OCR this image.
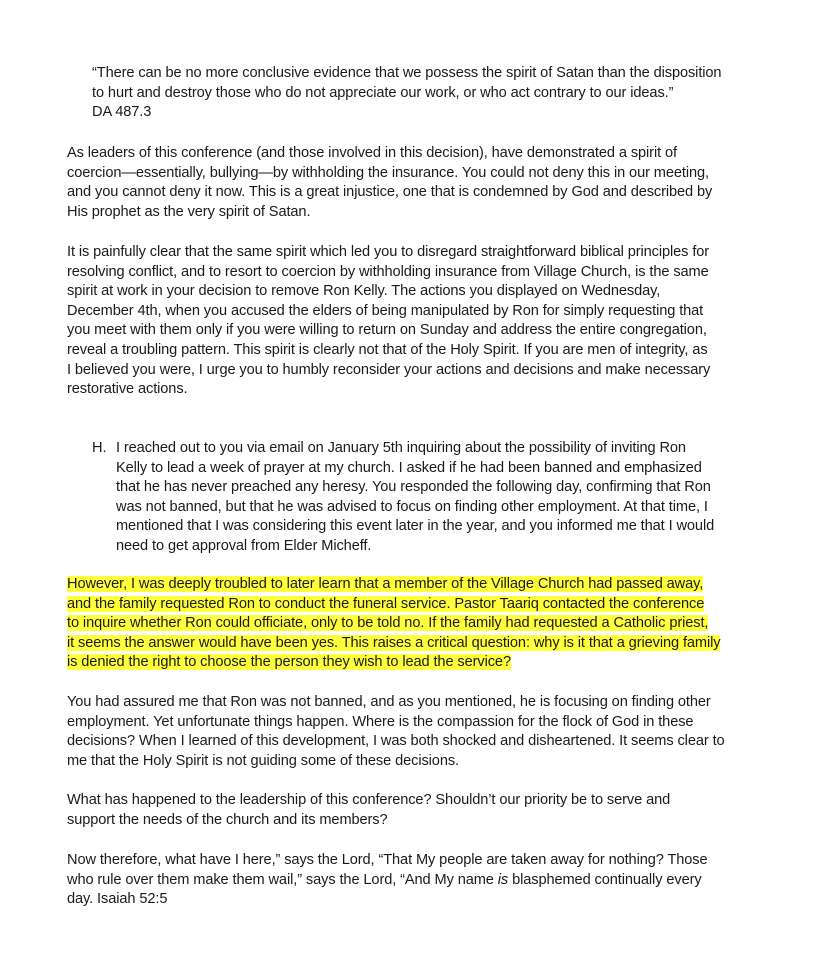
“There can be no more conclusive evidence that we possess the spirit of Satan than the disposition
to hurt and destroy those who do not appreciate our work, or who act contrary to our ideas.”
DA 487.3
As leaders of this conference (and those involved in this decision), have demonstrated a spirit of
coercion—essentially, bullying—by withholding the insurance. You could not deny this in our meeting,
and you cannot deny it now. This is a great injustice, one that is condemned by God and described by
His prophet as the very spirit of Satan.
It is painfully clear that the same spirit which led you to disregard straightforward biblical principles for
resolving conflict, and to resort to coercion by withholding insurance from Village Church, is the same
spirit at work in your decision to remove Ron Kelly. The actions you displayed on Wednesday,
December 4th, when you accused the elders of being manipulated by Ron for simply requesting that
you meet with them only if you were willing to return on Sunday and address the entire congregation,
reveal a troubling pattern. This spirit is clearly not that of the Holy Spirit. If you are men of integrity, as
I believed you were, I urge you to humbly reconsider your actions and decisions and make necessary
restorative actions.
H. I reached out to you via email on January 5th inquiring about the possibility of inviting Ron
Kelly to lead a week of prayer at my church. I asked if he had been banned and emphasized
that he has never preached any heresy. You responded the following day, confirming that Ron
was not banned, but that he was advised to focus on finding other employment. At that time, I
mentioned that I was considering this event later in the year, and you informed me that I would
need to get approval from Elder Micheff.
However, I was deeply troubled to later learn that a member of the Village Church had passed away,
and the family requested Ron to conduct the funeral service. Pastor Taariq contacted the conference
to inquire whether Ron could officiate, only to be told no. If the family had requested a Catholic priest,
it seems the answer would have been yes. This raises a critical question: why is it that a grieving family
is denied the right to choose the person they wish to lead the service?
You had assured me that Ron was not banned, and as you mentioned, he is focusing on finding other
employment. Yet unfortunate things happen. Where is the compassion for the flock of God in these
decisions? When I learned of this development, I was both shocked and disheartened. It seems clear to
me that the Holy Spirit is not guiding some of these decisions.
What has happened to the leadership of this conference? Shouldn’t our priority be to serve and
support the needs of the church and its members?
Now therefore, what have I here,” says the Lord, “That My people are taken away for nothing? Those
who rule over them make them wail,” says the Lord, “And My name is blasphemed continually every
day. Isaiah 52:5
